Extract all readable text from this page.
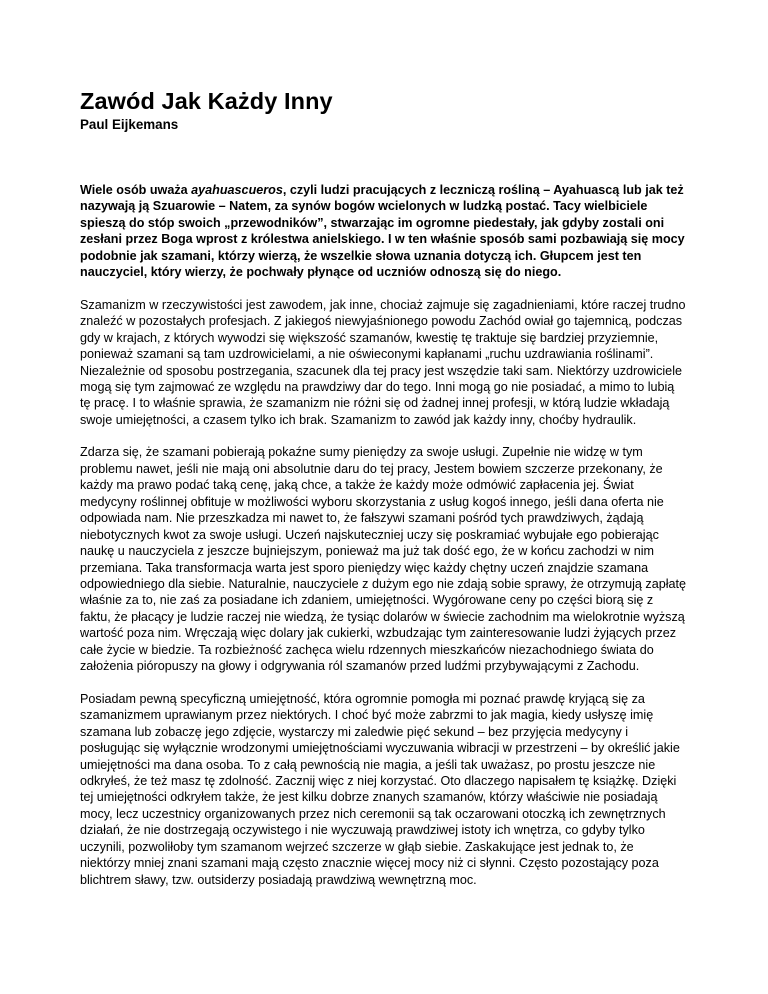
Zawód Jak Każdy Inny

Paul Eijkemans

Wiele osób uważa ayahuascueros, czyli ludzi pracujących z leczniczą rośliną – Ayahuascą lub jak też nazywają ją Szuarowie – Natem, za synów bogów wcielonych w ludzką postać. Tacy wielbiciele spieszą do stóp swoich „przewodników”, stwarzając im ogromne piedestały, jak gdyby zostali oni zesłani przez Boga wprost z królestwa anielskiego. I w ten właśnie sposób sami pozbawiają się mocy podobnie jak szamani, którzy wierzą, że wszelkie słowa uznania dotyczą ich. Głupcem jest ten nauczyciel, który wierzy, że pochwały płynące od uczniów odnoszą się do niego.

Szamanizm w rzeczywistości jest zawodem, jak inne, chociaż zajmuje się zagadnieniami, które raczej trudno znaleźć w pozostałych profesjach. Z jakiegoś niewyjaśnionego powodu Zachód owiał go tajemnicą, podczas gdy w krajach, z których wywodzi się większość szamanów, kwestię tę traktuje się bardziej przyziemnie, ponieważ szamani są tam uzdrowicielami, a nie oświeconymi kapłanami „ruchu uzdrawiania roślinami”. Niezależnie od sposobu postrzegania, szacunek dla tej pracy jest wszędzie taki sam. Niektórzy uzdrowiciele mogą się tym zajmować ze względu na prawdziwy dar do tego. Inni mogą go nie posiadać, a mimo to lubią tę pracę. I to właśnie sprawia, że szamanizm nie różni się od żadnej innej profesji, w którą ludzie wkładają swoje umiejętności, a czasem tylko ich brak. Szamanizm to zawód jak każdy inny, choćby hydraulik.

Zdarza się, że szamani pobierają pokaźne sumy pieniędzy za swoje usługi. Zupełnie nie widzę w tym problemu nawet, jeśli nie mają oni absolutnie daru do tej pracy, Jestem bowiem szczerze przekonany, że każdy ma prawo podać taką cenę, jaką chce, a także że każdy może odmówić zapłacenia jej. Świat medycyny roślinnej obfituje w możliwości wyboru skorzystania z usług kogoś innego, jeśli dana oferta nie odpowiada nam. Nie przeszkadza mi nawet to, że fałszywi szamani pośród tych prawdziwych, żądają niebotycznych kwot za swoje usługi. Uczeń najskuteczniej uczy się poskramiać wybujałe ego pobierając naukę u nauczyciela z jeszcze bujniejszym, ponieważ ma już tak dość ego, że w końcu zachodzi w nim przemiana. Taka transformacja warta jest sporo pieniędzy więc każdy chętny uczeń znajdzie szamana odpowiedniego dla siebie. Naturalnie, nauczyciele z dużym ego nie zdają sobie sprawy, że otrzymują zapłatę właśnie za to, nie zaś za posiadane ich zdaniem, umiejętności. Wygórowane ceny po części biorą się z faktu, że płacący je ludzie raczej nie wiedzą, że tysiąc dolarów w świecie zachodnim ma wielokrotnie wyższą wartość poza nim. Wręczają więc dolary jak cukierki, wzbudzając tym zainteresowanie ludzi żyjących przez całe życie w biedzie. Ta rozbieżność zachęca wielu rdzennych mieszkańców niezachodniego świata do założenia pióropuszy na głowy i odgrywania ról szamanów przed ludźmi przybywającymi z Zachodu.

Posiadam pewną specyficzną umiejętność, która ogromnie pomogła mi poznać prawdę kryjącą się za szamanizmem uprawianym przez niektórych. I choć być może zabrzmi to jak magia, kiedy usłyszę imię szamana lub zobaczę jego zdjęcie, wystarczy mi zaledwie pięć sekund – bez przyjęcia medycyny i posługując się wyłącznie wrodzonymi umiejętnościami wyczuwania wibracji w przestrzeni – by określić jakie umiejętności ma dana osoba. To z całą pewnością nie magia, a jeśli tak uważasz, po prostu jeszcze nie odkryłeś, że też masz tę zdolność. Zacznij więc z niej korzystać. Oto dlaczego napisałem tę książkę. Dzięki tej umiejętności odkryłem także, że jest kilku dobrze znanych szamanów, którzy właściwie nie posiadają mocy, lecz uczestnicy organizowanych przez nich ceremonii są tak oczarowani otoczką ich zewnętrznych działań, że nie dostrzegają oczywistego i nie wyczuwają prawdziwej istoty ich wnętrza, co gdyby tylko uczynili, pozwoliłoby tym szamanom wejrzeć szczerze w głąb siebie. Zaskakujące jest jednak to, że niektórzy mniej znani szamani mają często znacznie więcej mocy niż ci słynni. Często pozostający poza blichtrem sławy, tzw. outsiderzy posiadają prawdziwą wewnętrzną moc.
